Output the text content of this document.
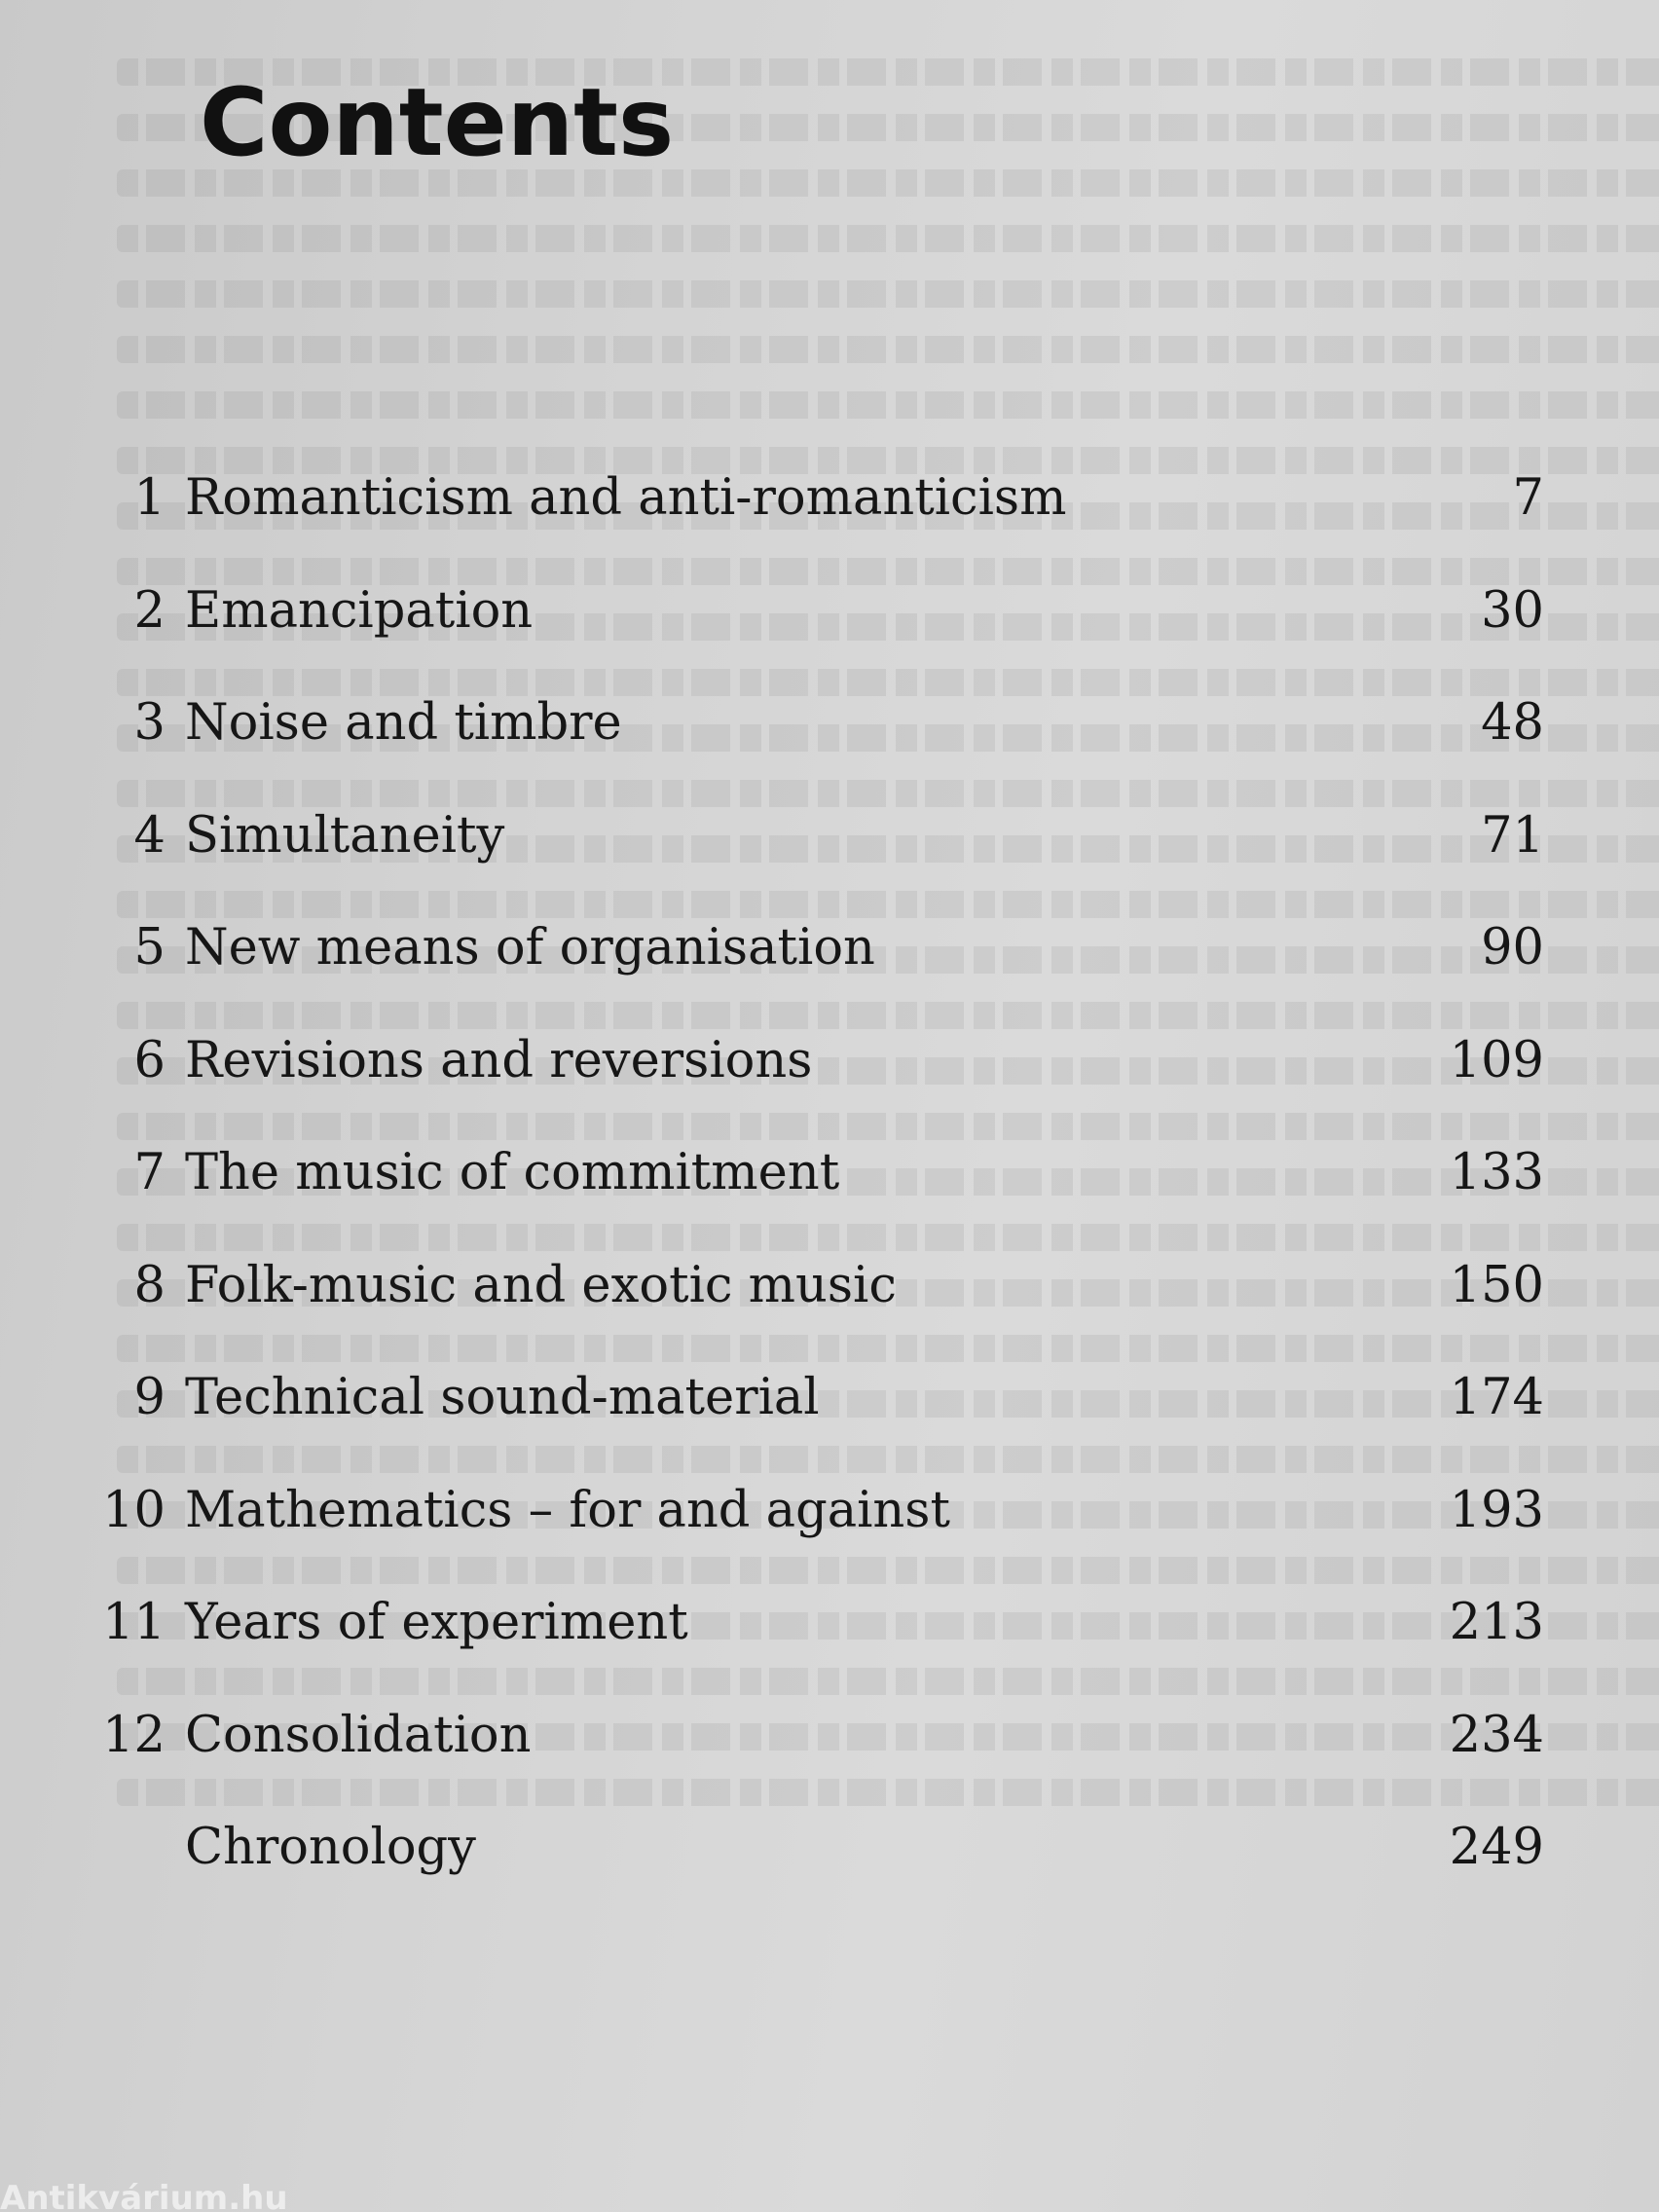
Contents
1 Romanticism and anti-romanticism	7
2 Emancipation	30
3 Noise and timbre	48
4 Simultaneity	71
5 New means of organisation	90
6 Revisions and reversions	109
7 The music of commitment	133
8 Folk-music and exotic music	150
9 Technical sound-material	174
10 Mathematics – for and against	193
11 Years of experiment	213
12 Consolidation	234
Chronology	249
Antikvárium.hu
